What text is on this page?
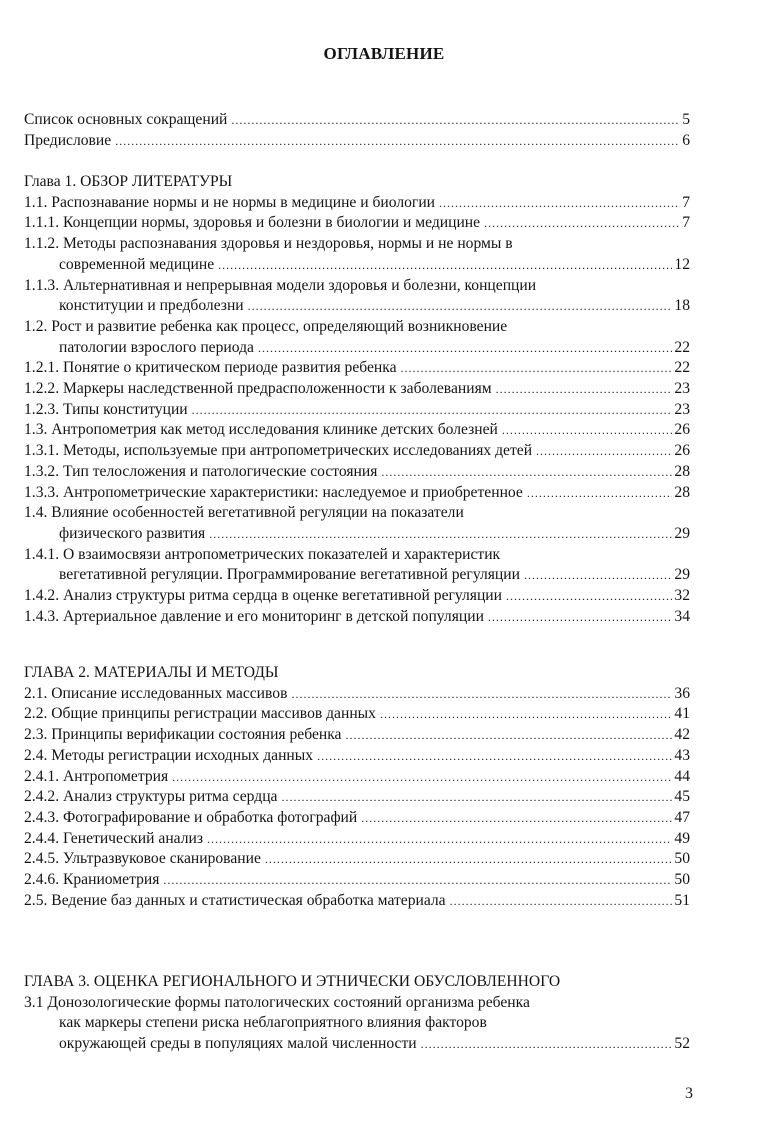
ОГЛАВЛЕНИЕ
Список основных сокращений .....	5
Предисловие .....	6
Глава 1. ОБЗОР ЛИТЕРАТУРЫ
1.1. Распознавание нормы и не нормы в медицине и биологии .....	7
1.1.1. Концепции нормы, здоровья и болезни в биологии и медицине .....	7
1.1.2. Методы распознавания здоровья и нездоровья, нормы и не нормы в
современной медицине .....	12
1.1.3. Альтернативная и непрерывная модели здоровья и болезни, концепции
конституции и предболезни .....	18
1.2. Рост и развитие ребенка как процесс, определяющий возникновение
патологии взрослого периода .....	22
1.2.1. Понятие о критическом периоде развития ребенка .....	22
1.2.2. Маркеры наследственной предрасположенности к заболеваниям .....	23
1.2.3. Типы конституции .....	23
1.3. Антропометрия как метод исследования клинике детских болезней .....	26
1.3.1. Методы, используемые при антропометрических исследованиях детей .....	26
1.3.2. Тип телосложения и патологические состояния .....	28
1.3.3. Антропометрические характеристики: наследуемое и приобретенное .....	28
1.4. Влияние особенностей вегетативной регуляции на показатели
физического развития .....	29
1.4.1. О взаимосвязи антропометрических показателей и характеристик
вегетативной регуляции. Программирование вегетативной регуляции .....	29
1.4.2. Анализ структуры ритма сердца в оценке вегетативной регуляции .....	32
1.4.3. Артериальное давление и его мониторинг в детской популяции .....	34
ГЛАВА 2. МАТЕРИАЛЫ И МЕТОДЫ
2.1. Описание исследованных массивов .....	36
2.2. Общие принципы регистрации массивов данных .....	41
2.3. Принципы верификации состояния ребенка .....	42
2.4. Методы регистрации исходных данных .....	43
2.4.1. Антропометрия .....	44
2.4.2. Анализ структуры ритма сердца .....	45
2.4.3. Фотографирование и обработка фотографий .....	47
2.4.4. Генетический анализ .....	49
2.4.5. Ультразвуковое сканирование .....	50
2.4.6. Краниометрия .....	50
2.5. Ведение баз данных и статистическая обработка материала .....	51
ГЛАВА 3. ОЦЕНКА РЕГИОНАЛЬНОГО И ЭТНИЧЕСКИ ОБУСЛОВЛЕННОГО
3.1 Донозологические формы патологических состояний организма ребенка
как маркеры степени риска неблагоприятного влияния факторов
окружающей среды в популяциях малой численности .....	52
3
